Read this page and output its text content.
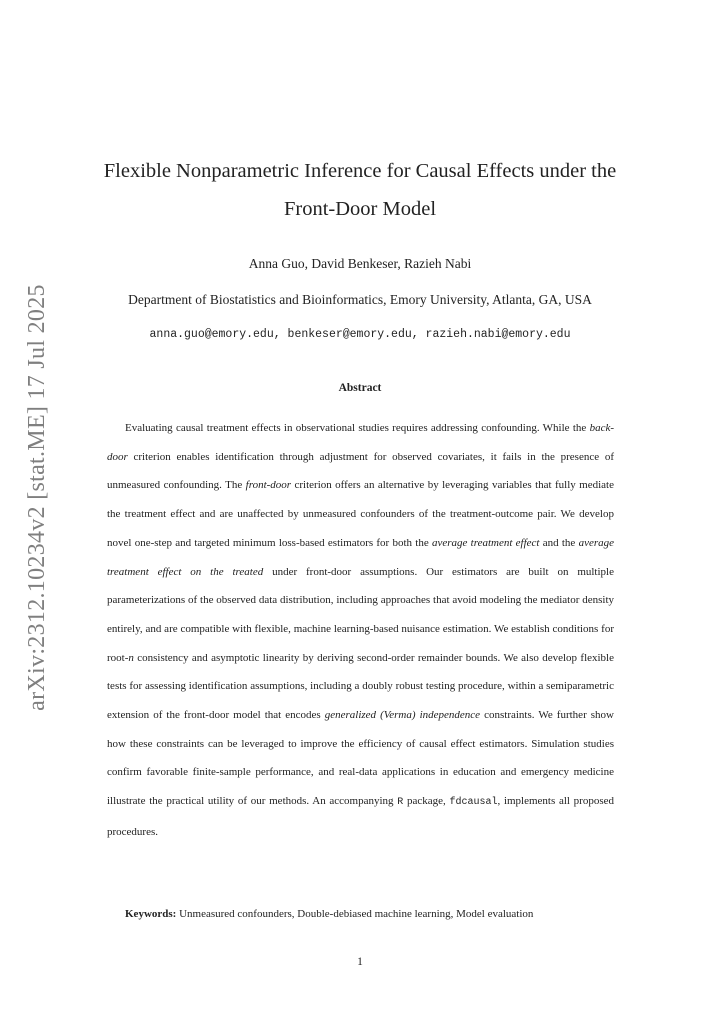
arXiv:2312.10234v2 [stat.ME] 17 Jul 2025
Flexible Nonparametric Inference for Causal Effects under the
Front-Door Model
Anna Guo, David Benkeser, Razieh Nabi
Department of Biostatistics and Bioinformatics, Emory University, Atlanta, GA, USA
anna.guo@emory.edu, benkeser@emory.edu, razieh.nabi@emory.edu
Abstract

Evaluating causal treatment effects in observational studies requires addressing confounding. While the back-door criterion enables identification through adjustment for observed covariates, it fails in the presence of unmeasured confounding. The front-door criterion offers an alternative by leveraging variables that fully mediate the treatment effect and are unaffected by unmeasured confounders of the treatment-outcome pair. We develop novel one-step and targeted minimum loss-based estimators for both the average treatment effect and the average treatment effect on the treated under front-door assumptions. Our estimators are built on multiple parameterizations of the observed data distribution, including approaches that avoid modeling the mediator density entirely, and are compatible with flexible, machine learning-based nuisance estimation. We establish conditions for root-n consistency and asymptotic linearity by deriving second-order remainder bounds. We also develop flexible tests for assessing identification assumptions, including a doubly robust testing procedure, within a semiparametric extension of the front-door model that encodes generalized (Verma) independence constraints. We further show how these constraints can be leveraged to improve the efficiency of causal effect estimators. Simulation studies confirm favorable finite-sample performance, and real-data applications in education and emergency medicine illustrate the practical utility of our methods. An accompanying R package, fdcausal, implements all proposed procedures.

Keywords: Unmeasured confounders, Double-debiased machine learning, Model evaluation
1
